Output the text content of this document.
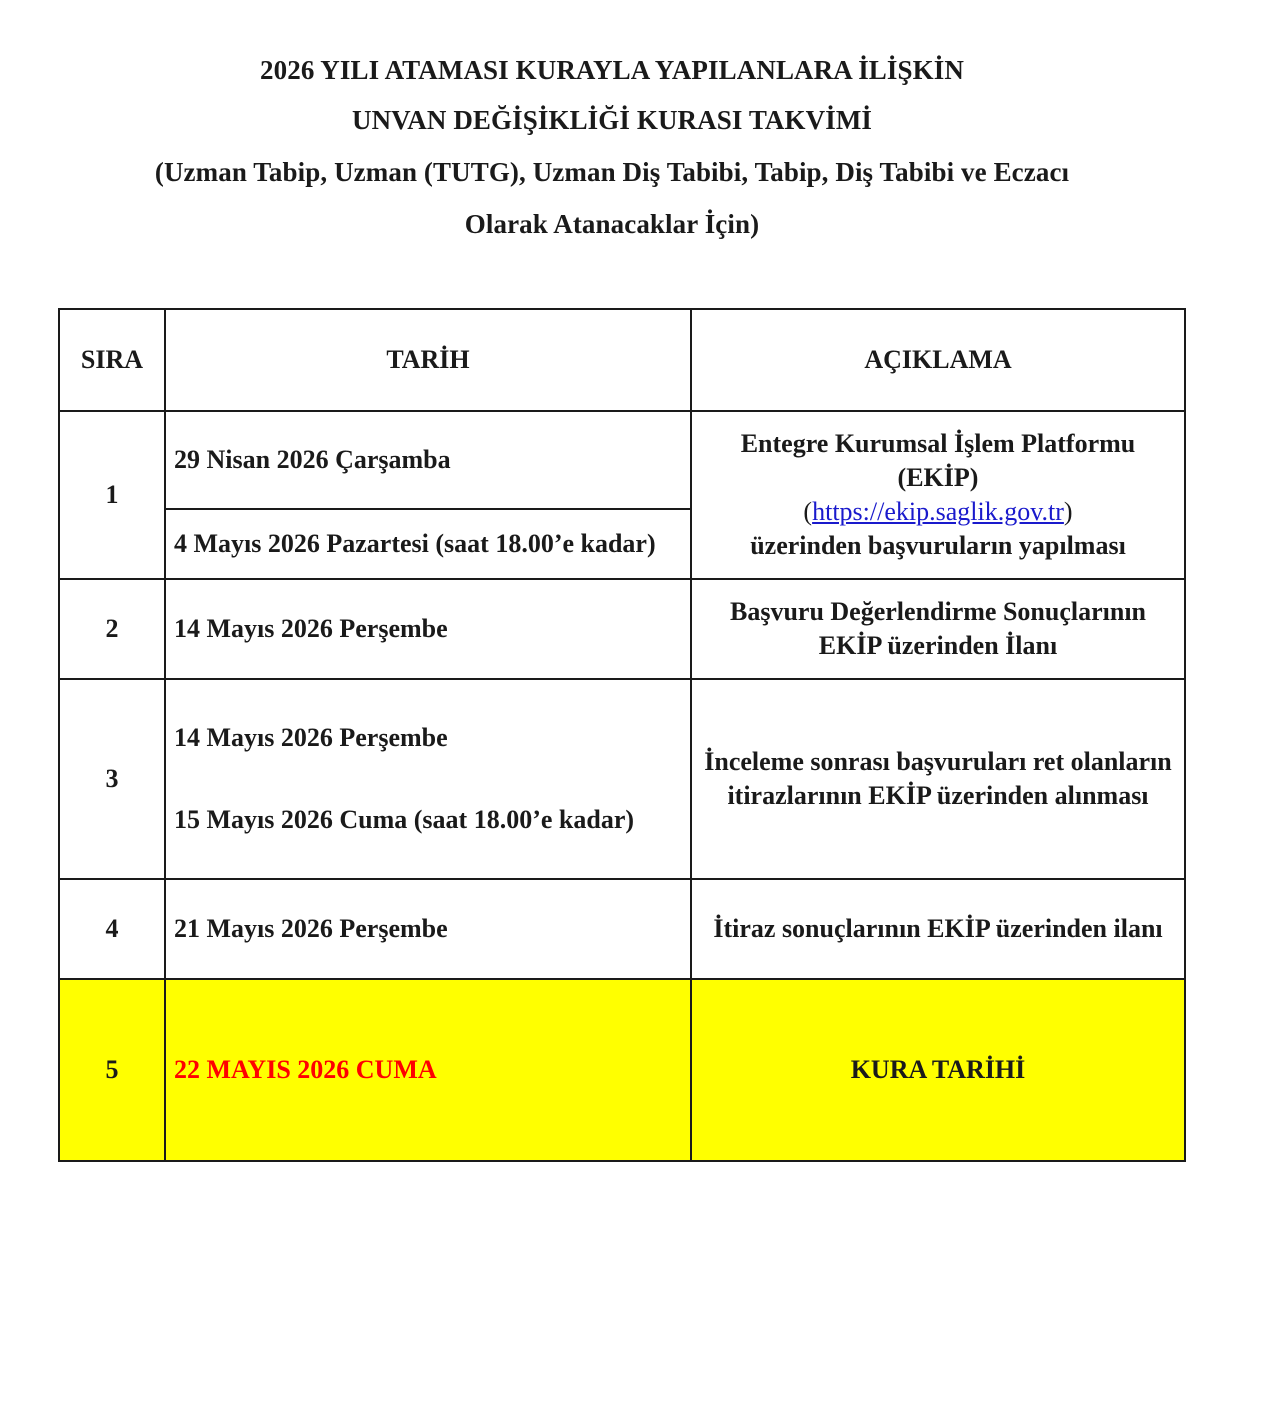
2026 YILI ATAMASI KURAYLA YAPILANLARA İLİŞKİN
UNVAN DEĞİŞİKLİĞİ KURASI TAKVİMİ
(Uzman Tabip, Uzman (TUTG), Uzman Diş Tabibi, Tabip, Diş Tabibi ve Eczacı
Olarak Atanacaklar İçin)
SIRA	TARİH	AÇIKLAMA
1	29 Nisan 2026 Çarşamba	Entegre Kurumsal İşlem Platformu (EKİP)
(https://ekip.saglik.gov.tr)
üzerinden başvuruların yapılması
	4 Mayıs 2026 Pazartesi (saat 18.00’e kadar)	
2	14 Mayıs 2026 Perşembe	Başvuru Değerlendirme Sonuçlarının EKİP üzerinden İlanı
3	14 Mayıs 2026 Perşembe
15 Mayıs 2026 Cuma (saat 18.00’e kadar)	İnceleme sonrası başvuruları ret olanların itirazlarının EKİP üzerinden alınması
4	21 Mayıs 2026 Perşembe	İtiraz sonuçlarının EKİP üzerinden ilanı
5	22 MAYIS 2026 CUMA	KURA TARİHİ
